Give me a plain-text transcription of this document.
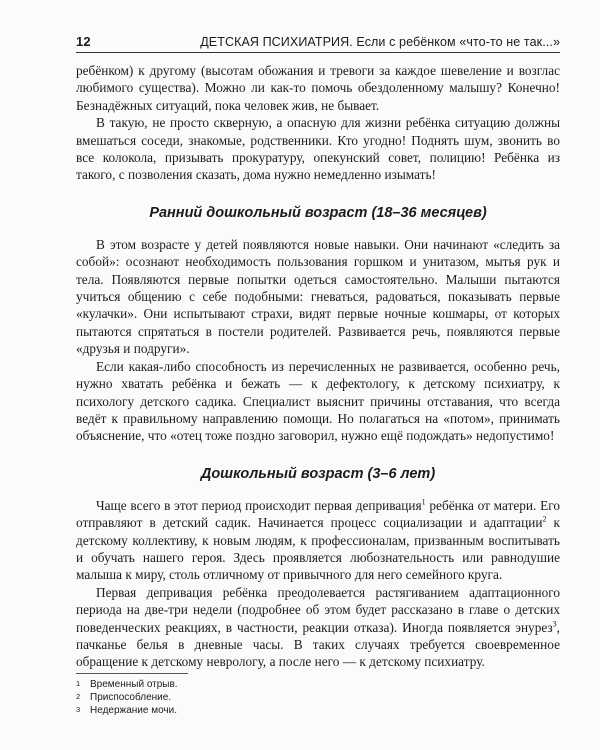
12	ДЕТСКАЯ ПСИХИАТРИЯ. Если с ребёнком «что-то не так...»

ребёнком) к другому (высотам обожания и тревоги за каждое шевеление и возглас любимого существа). Можно ли как-то помочь обездоленному малышу? Конечно! Безнадёжных ситуаций, пока человек жив, не бывает.

В такую, не просто скверную, а опасную для жизни ребёнка ситуацию должны вмешаться соседи, знакомые, родственники. Кто угодно! Поднять шум, звонить во все колокола, призывать прокуратуру, опекунский совет, полицию! Ребёнка из такого, с позволения сказать, дома нужно немедленно изымать!

Ранний дошкольный возраст (18–36 месяцев)

В этом возрасте у детей появляются новые навыки. Они начинают «следить за собой»: осознают необходимость пользования горшком и унитазом, мытья рук и тела. Появляются первые попытки одеться самостоятельно. Малыши пытаются учиться общению с себе подобными: гневаться, радоваться, показывать первые «кулачки». Они испытывают страхи, видят первые ночные кошмары, от которых пытаются спрятаться в постели родителей. Развивается речь, появляются первые «друзья и подруги».

Если какая-либо способность из перечисленных не развивается, особенно речь, нужно хватать ребёнка и бежать — к дефектологу, к детскому психиатру, к психологу детского садика. Специалист выяснит причины отставания, что всегда ведёт к правильному направлению помощи. Но полагаться на «потом», принимать объяснение, что «отец тоже поздно заговорил, нужно ещё подождать» недопустимо!

Дошкольный возраст (3–6 лет)

Чаще всего в этот период происходит первая депривация$^1$ ребёнка от матери. Его отправляют в детский садик. Начинается процесс социализации и адаптации$^2$ к детскому коллективу, к новым людям, к профессионалам, призванным воспитывать и обучать нашего героя. Здесь проявляется любознательность или равнодушие малыша к миру, столь отличному от привычного для него семейного круга.

Первая депривация ребёнка преодолевается растягиванием адаптационного периода на две-три недели (подробнее об этом будет рассказано в главе о детских поведенческих реакциях, в частности, реакции отказа). Иногда появляется энурез$^3$, пачканье белья в дневные часы. В таких случаях требуется своевременное обращение к детскому неврологу, а после него — к детскому психиатру.

1 Временный отрыв.
2 Приспособление.
3 Недержание мочи.
